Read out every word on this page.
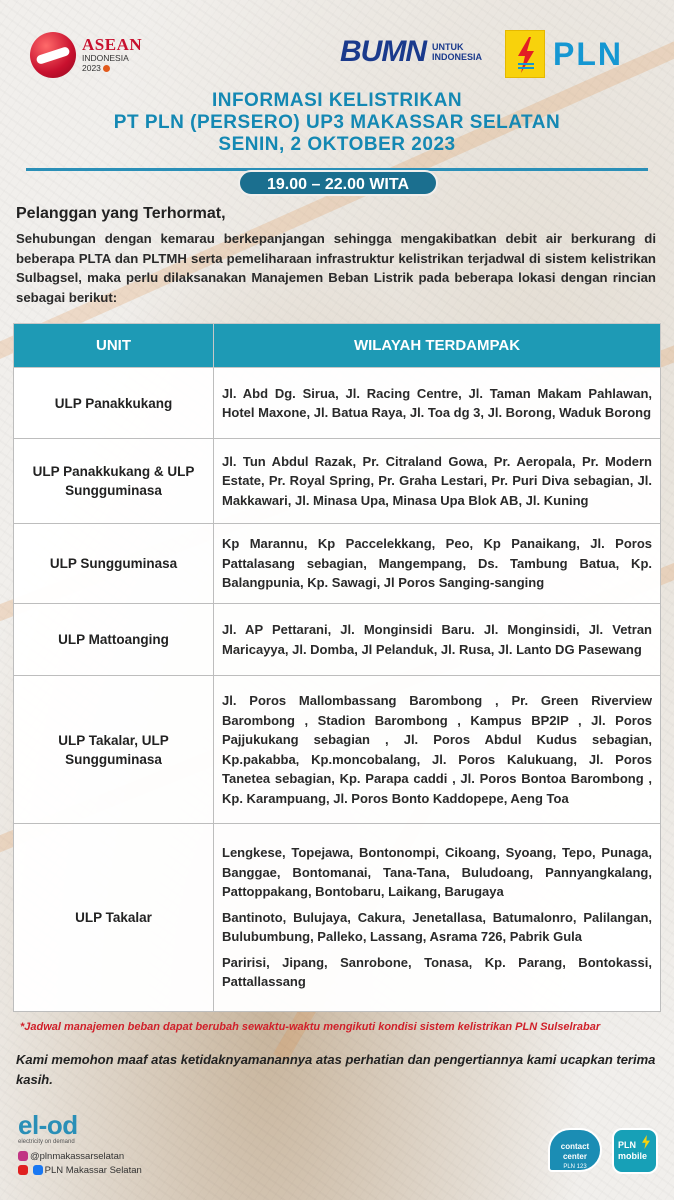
ASEAN
INDONESIA
2023	BUMN UNTUK
INDONESIA PLN
INFORMASI KELISTRIKAN
PT PLN (PERSERO) UP3 MAKASSAR SELATAN
SENIN, 2 OKTOBER 2023
19.00 – 22.00 WITA
Pelanggan yang Terhormat,
Sehubungan dengan kemarau berkepanjangan sehingga mengakibatkan debit air berkurang di beberapa PLTA dan PLTMH serta pemeliharaan infrastruktur kelistrikan terjadwal di sistem kelistrikan Sulbagsel, maka perlu dilaksanakan Manajemen Beban Listrik pada beberapa lokasi dengan rincian sebagai berikut:
UNIT	WILAYAH TERDAMPAK
ULP Panakkukang	Jl. Abd Dg. Sirua, Jl. Racing Centre, Jl. Taman Makam Pahlawan, Hotel Maxone, Jl. Batua Raya, Jl. Toa dg 3, Jl. Borong, Waduk Borong

ULP Panakkukang & ULP Sungguminasa	Jl. Tun Abdul Razak, Pr. Citraland Gowa, Pr. Aeropala, Pr. Modern Estate, Pr. Royal Spring, Pr. Graha Lestari, Pr. Puri Diva sebagian, Jl. Makkawari, Jl. Minasa Upa, Minasa Upa Blok AB, Jl. Kuning

ULP Sungguminasa	Kp Marannu, Kp Paccelekkang, Peo, Kp Panaikang, Jl. Poros Pattalasang sebagian, Mangempang, Ds. Tambung Batua, Kp. Balangpunia, Kp. Sawagi, Jl Poros Sanging-sanging

ULP Mattoanging	Jl. AP Pettarani, Jl. Monginsidi Baru. Jl. Monginsidi, Jl. Vetran Maricayya, Jl. Domba, Jl Pelanduk, Jl. Rusa, Jl. Lanto DG Pasewang

ULP Takalar, ULP Sungguminasa	Jl. Poros Mallombassang Barombong , Pr. Green Riverview Barombong , Stadion Barombong , Kampus BP2IP , Jl. Poros Pajjukukang sebagian , Jl. Poros Abdul Kudus sebagian, Kp.pakabba, Kp.moncobalang, Jl. Poros Kalukuang, Jl. Poros Tanetea sebagian, Kp. Parapa caddi , Jl. Poros Bontoa Barombong , Kp. Karampuang, Jl. Poros Bonto Kaddopepe, Aeng Toa

ULP Takalar	Lengkese, Topejawa, Bontonompi, Cikoang, Syoang, Tepo, Punaga, Banggae, Bontomanai, Tana-Tana, Buludoang, Pannyangkalang, Pattoppakang, Bontobaru, Laikang, Barugaya

Bantinoto, Bulujaya, Cakura, Jenetallasa, Batumalonro, Palilangan, Bulubumbung, Palleko, Lassang, Asrama 726, Pabrik Gula

Paririsi, Jipang, Sanrobone, Tonasa, Kp. Parang, Bontokassi, Pattallassang

*Jadwal manajemen beban dapat berubah sewaktu-waktu mengikuti kondisi sistem kelistrikan PLN Sulselrabar
Kami memohon maaf atas ketidaknyamanannya atas perhatian dan pengertiannya kami ucapkan terima kasih.
el-od
electricity on demand
@plnmakassarselatan
PLN Makassar Selatan
contact
center
PLN 123
PLN
mobile
